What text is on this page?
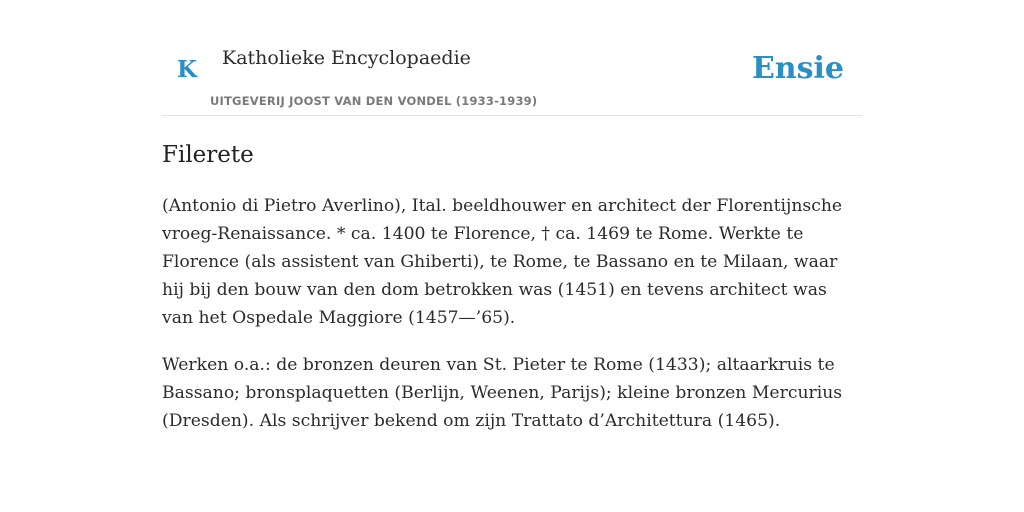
K Katholieke Encyclopaedie
UITGEVERIJ JOOST VAN DEN VONDEL (1933-1939)
Ensie
Filerete

(Antonio di Pietro Averlino), Ital. beeldhouwer en architect der Florentijnsche vroeg-Renaissance. * ca. 1400 te Florence, † ca. 1469 te Rome. Werkte te Florence (als assistent van Ghiberti), te Rome, te Bassano en te Milaan, waar hij bij den bouw van den dom betrokken was (1451) en tevens architect was van het Ospedale Maggiore (1457—’65).

Werken o.a.: de bronzen deuren van St. Pieter te Rome (1433); altaarkruis te Bassano; bronsplaquetten (Berlijn, Weenen, Parijs); kleine bronzen Mercurius (Dresden). Als schrijver bekend om zijn Trattato d’Architettura (1465).
